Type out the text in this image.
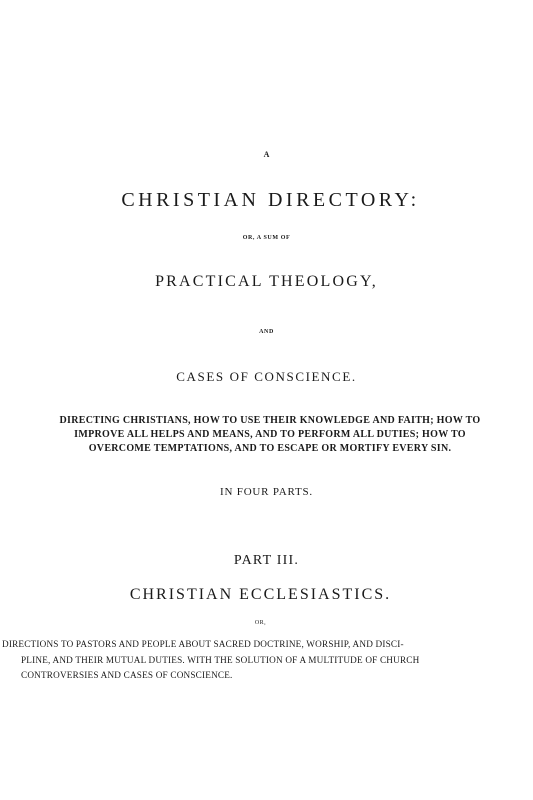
A
CHRISTIAN DIRECTORY:
OR, A SUM OF
PRACTICAL THEOLOGY,
AND
CASES OF CONSCIENCE.
DIRECTING CHRISTIANS, HOW TO USE THEIR KNOWLEDGE AND FAITH; HOW TO
IMPROVE ALL HELPS AND MEANS, AND TO PERFORM ALL DUTIES; HOW TO
OVERCOME TEMPTATIONS, AND TO ESCAPE OR MORTIFY EVERY SIN.
IN FOUR PARTS.
PART III.
CHRISTIAN ECCLESIASTICS.
OR,
DIRECTIONS TO PASTORS AND PEOPLE ABOUT SACRED DOCTRINE, WORSHIP, AND DISCI-
PLINE, AND THEIR MUTUAL DUTIES. WITH THE SOLUTION OF A MULTITUDE OF CHURCH
CONTROVERSIES AND CASES OF CONSCIENCE.
